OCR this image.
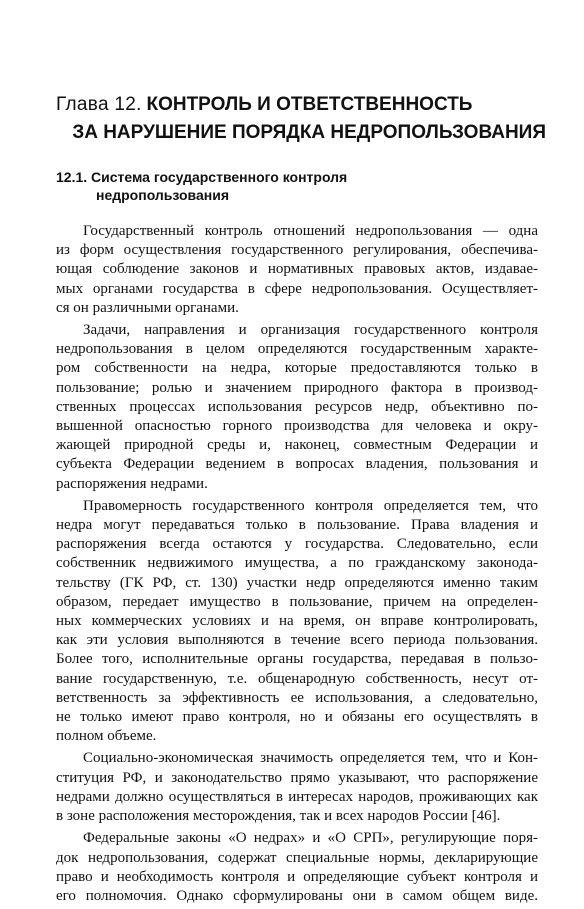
Глава 12. КОНТРОЛЬ И ОТВЕТСТВЕННОСТЬ
ЗА НАРУШЕНИЕ ПОРЯДКА НЕДРОПОЛЬЗОВАНИЯ
12.1. Система государственного контроля
недропользования

Государственный контроль отношений недропользования — одна
из форм осуществления государственного регулирования, обеспечива-
ющая соблюдение законов и нормативных правовых актов, издавае-
мых органами государства в сфере недропользования. Осуществляет-
ся он различными органами.

Задачи, направления и организация государственного контроля
недропользования в целом определяются государственным характе-
ром собственности на недра, которые предоставляются только в
пользование; ролью и значением природного фактора в производ-
ственных процессах использования ресурсов недр, объективно по-
вышенной опасностью горного производства для человека и окру-
жающей природной среды и, наконец, совместным Федерации и
субъекта Федерации ведением в вопросах владения, пользования и
распоряжения недрами.

Правомерность государственного контроля определяется тем, что
недра могут передаваться только в пользование. Права владения и
распоряжения всегда остаются у государства. Следовательно, если
собственник недвижимого имущества, а по гражданскому законода-
тельству (ГК РФ, ст. 130) участки недр определяются именно таким
образом, передает имущество в пользование, причем на определен-
ных коммерческих условиях и на время, он вправе контролировать,
как эти условия выполняются в течение всего периода пользования.
Более того, исполнительные органы государства, передавая в пользо-
вание государственную, т.е. общенародную собственность, несут от-
ветственность за эффективность ее использования, а следовательно,
не только имеют право контроля, но и обязаны его осуществлять в
полном объеме.

Социально-экономическая значимость определяется тем, что и Кон-
ституция РФ, и законодательство прямо указывают, что распоряжение
недрами должно осуществляться в интересах народов, проживающих как
в зоне расположения месторождения, так и всех народов России [46].

Федеральные законы «О недрах» и «О СРП», регулирующие поря-
док недропользования, содержат специальные нормы, декларирующие
право и необходимость контроля и определяющие субъект контроля и
его полномочия. Однако сформулированы они в самом общем виде.
